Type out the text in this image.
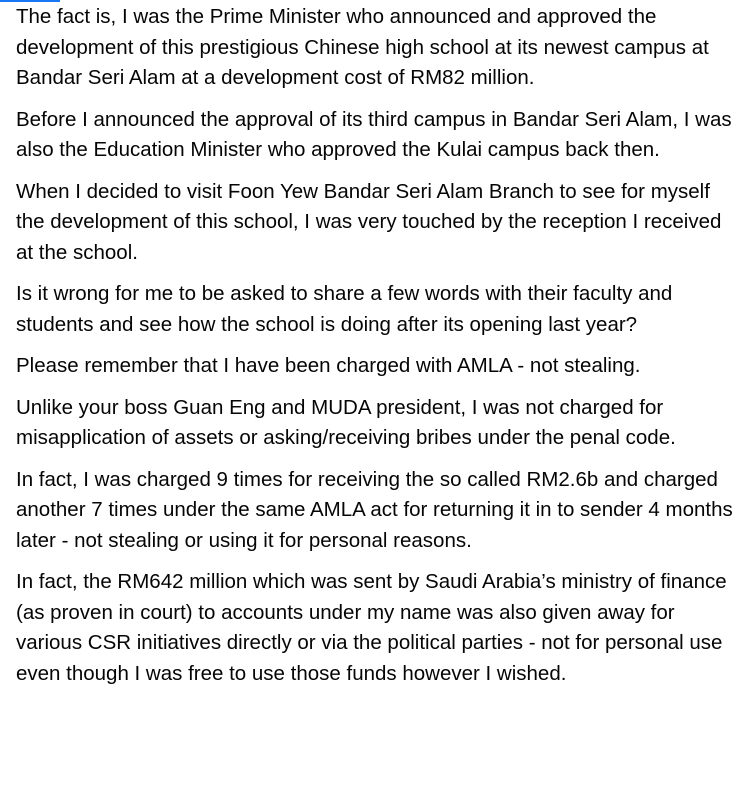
The fact is, I was the Prime Minister who announced and approved the development of this prestigious Chinese high school at its newest campus at Bandar Seri Alam at a development cost of RM82 million.

Before I announced the approval of its third campus in Bandar Seri Alam, I was also the Education Minister who approved the Kulai campus back then.

When I decided to visit Foon Yew Bandar Seri Alam Branch to see for myself the development of this school, I was very touched by the reception I received at the school.

Is it wrong for me to be asked to share a few words with their faculty and students and see how the school is doing after its opening last year?

Please remember that I have been charged with AMLA - not stealing.

Unlike your boss Guan Eng and MUDA president, I was not charged for misapplication of assets or asking/receiving bribes under the penal code.

In fact, I was charged 9 times for receiving the so called RM2.6b and charged another 7 times under the same AMLA act for returning it in to sender 4 months later - not stealing or using it for personal reasons.

In fact, the RM642 million which was sent by Saudi Arabia’s ministry of finance (as proven in court) to accounts under my name was also given away for various CSR initiatives directly or via the political parties - not for personal use even though I was free to use those funds however I wished.
